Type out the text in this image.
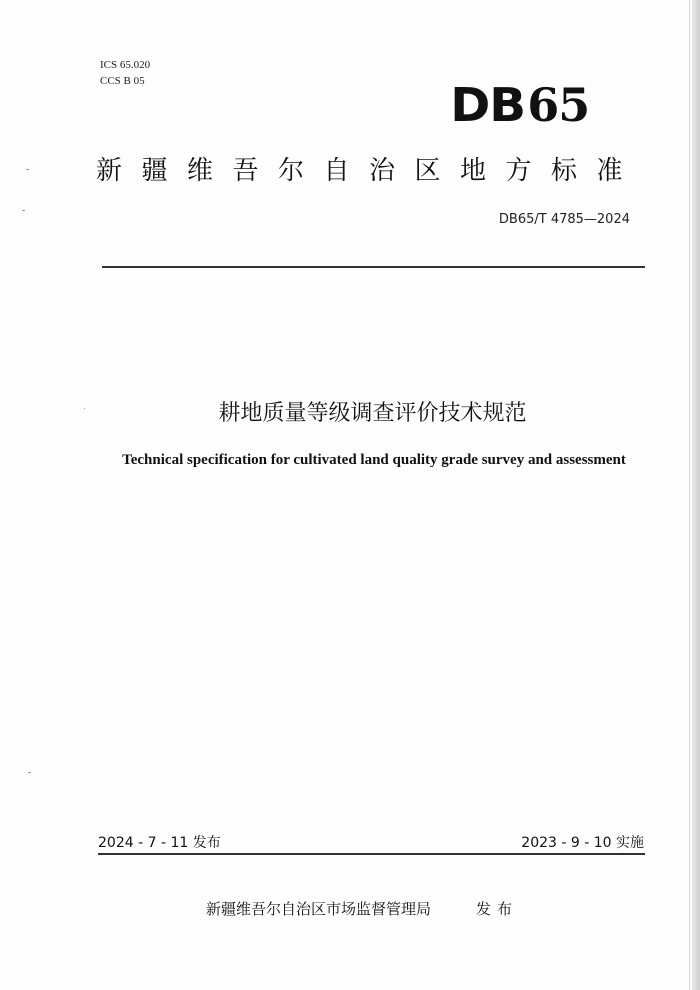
ICS 65.020
CCS B 05	DB65
新疆维吾尔自治区地方标准
DB65/T 4785—2024
耕地质量等级调查评价技术规范
Technical specification for cultivated land quality grade survey and assessment
2024 - 7 - 11 发布	2023 - 9 - 10 实施
新疆维吾尔自治区市场监督管理局	发布
